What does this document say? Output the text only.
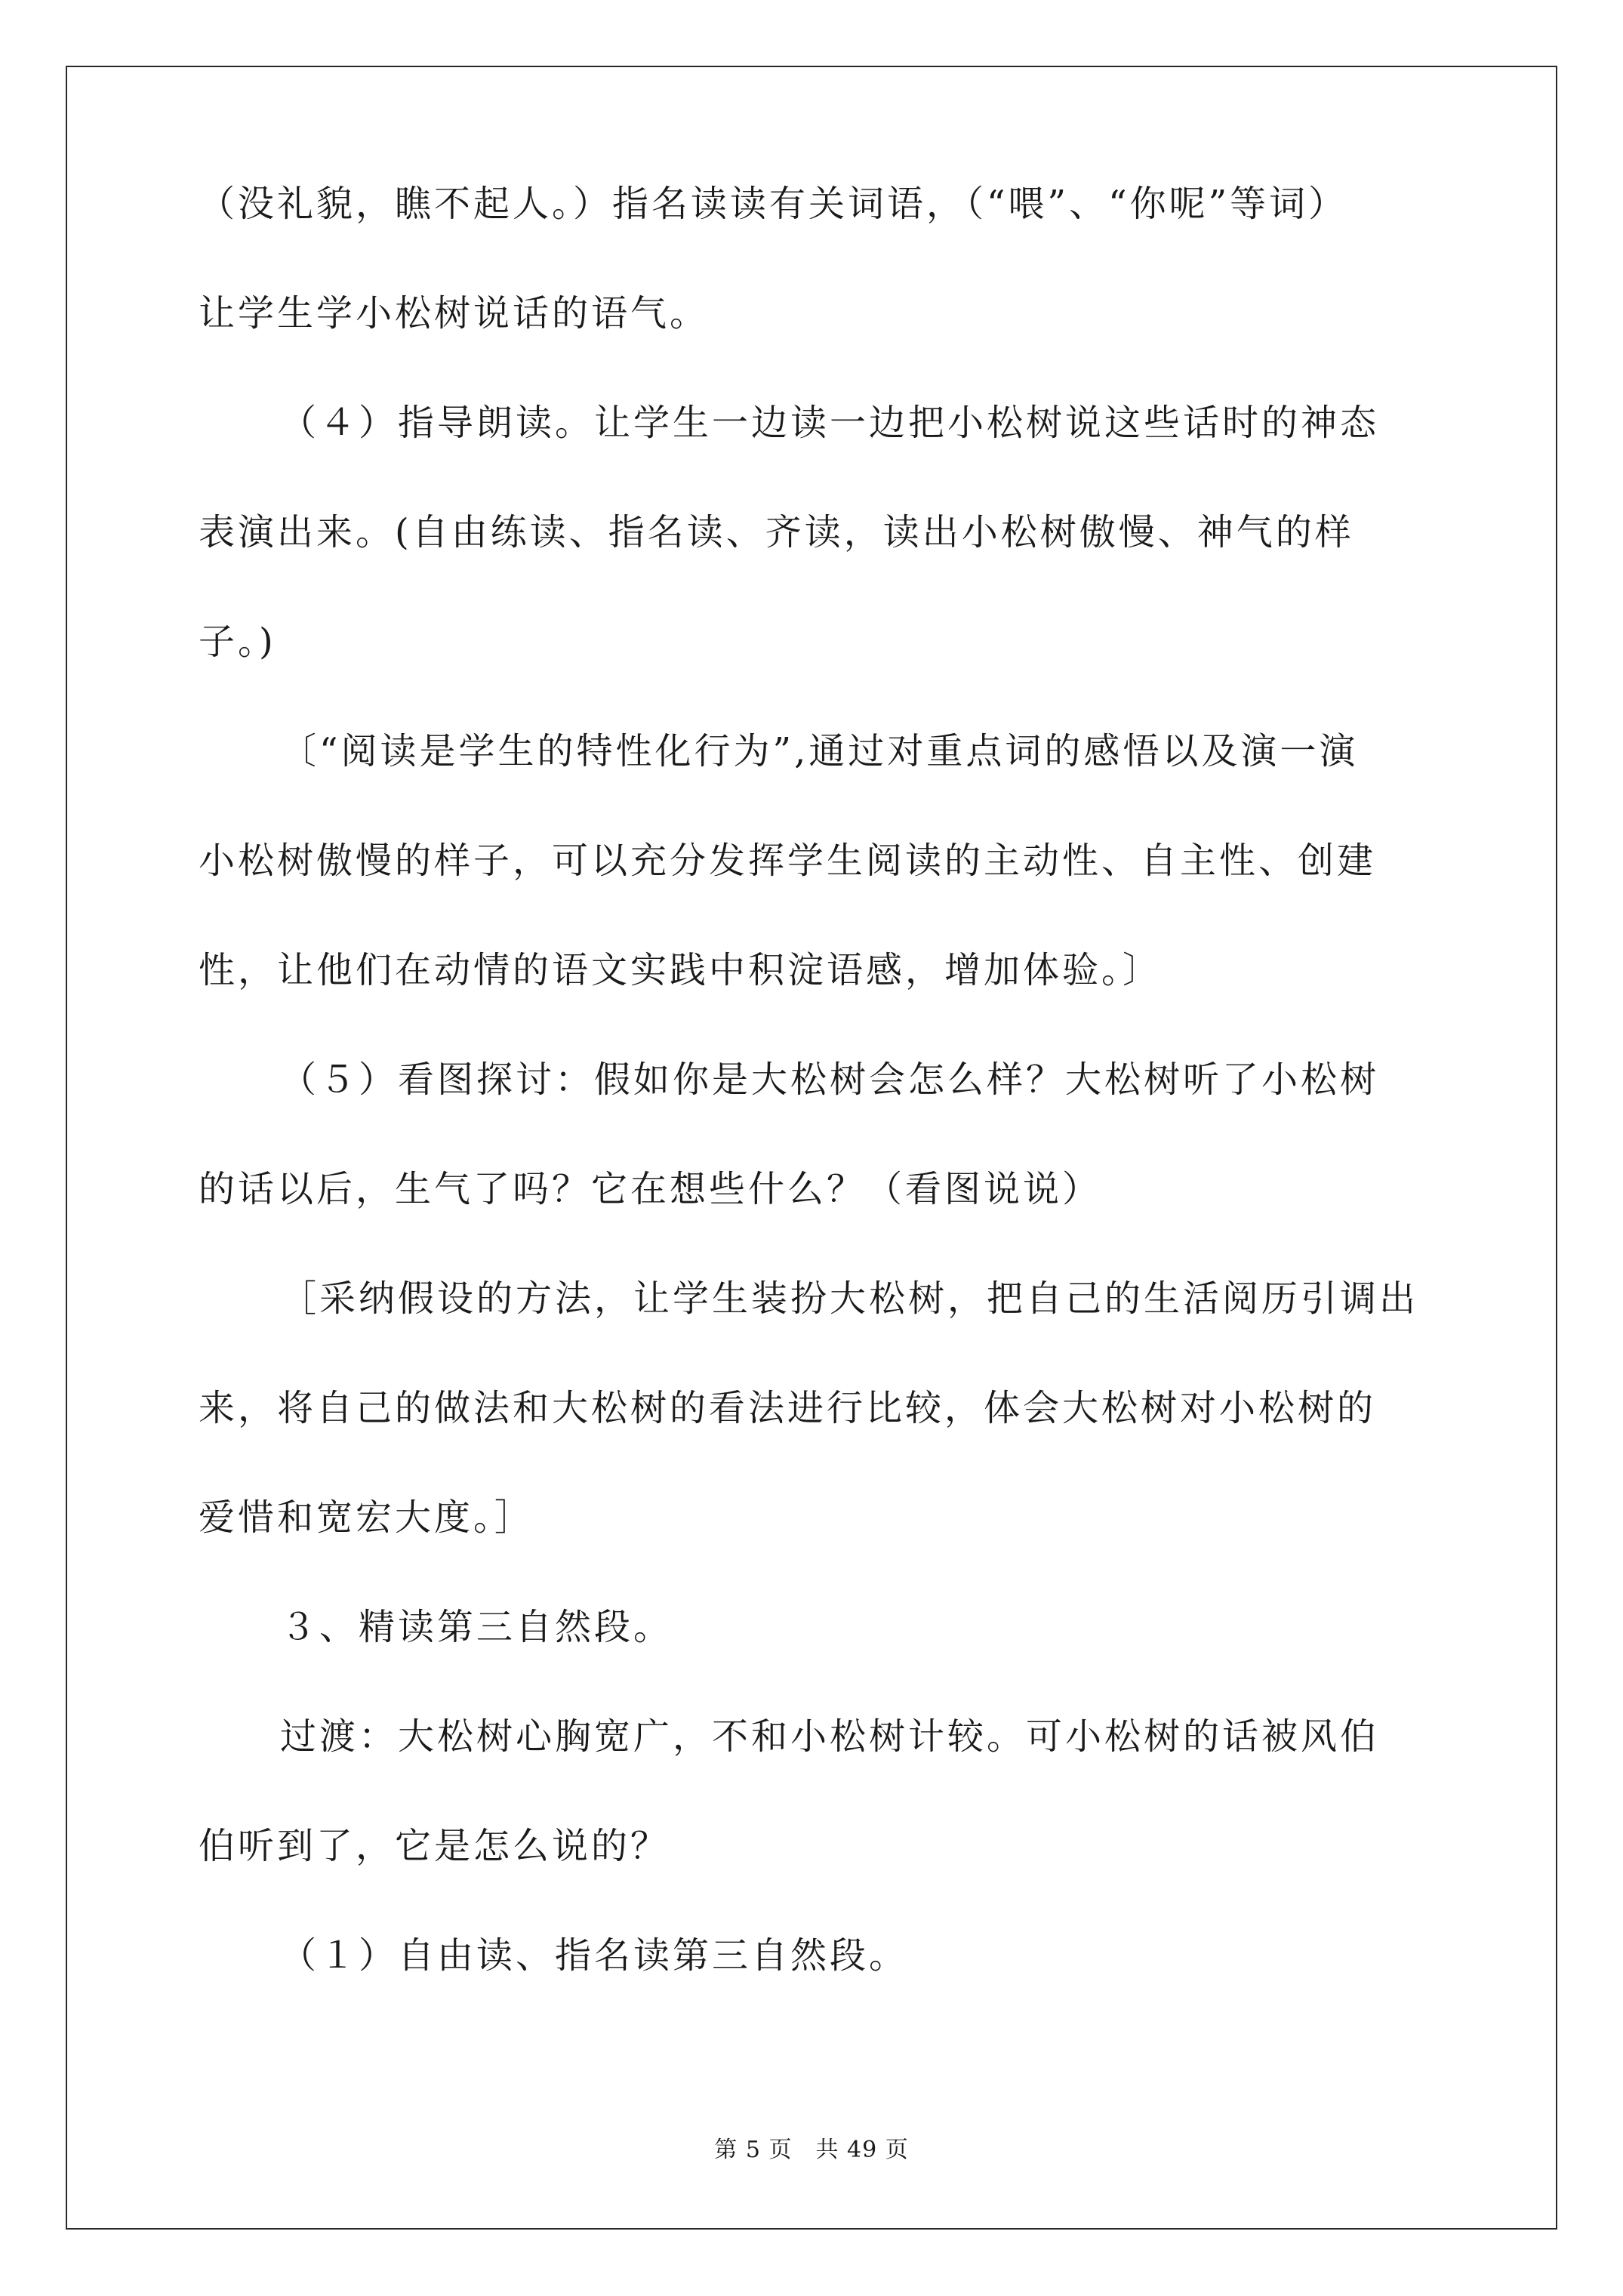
（没礼貌，瞧不起人。）指名读读有关词语，（“喂”、“你呢”等词）
让学生学小松树说话的语气。
（４）指导朗读。让学生一边读一边把小松树说这些话时的神态
表演出来。(自由练读、指名读、齐读，读出小松树傲慢、神气的样
子。)
〔“阅读是学生的特性化行为”,通过对重点词的感悟以及演一演
小松树傲慢的样子，可以充分发挥学生阅读的主动性、自主性、创建
性，让他们在动情的语文实践中积淀语感，增加体验。〕
（５）看图探讨：假如你是大松树会怎么样？大松树听了小松树
的话以后，生气了吗？它在想些什么？（看图说说）
［采纳假设的方法，让学生装扮大松树，把自己的生活阅历引调出
来，将自己的做法和大松树的看法进行比较，体会大松树对小松树的
爱惜和宽宏大度。］
３、精读第三自然段。
过渡：大松树心胸宽广，不和小松树计较。可小松树的话被风伯
伯听到了，它是怎么说的？
（１）自由读、指名读第三自然段。
第 5 页　共 49 页
